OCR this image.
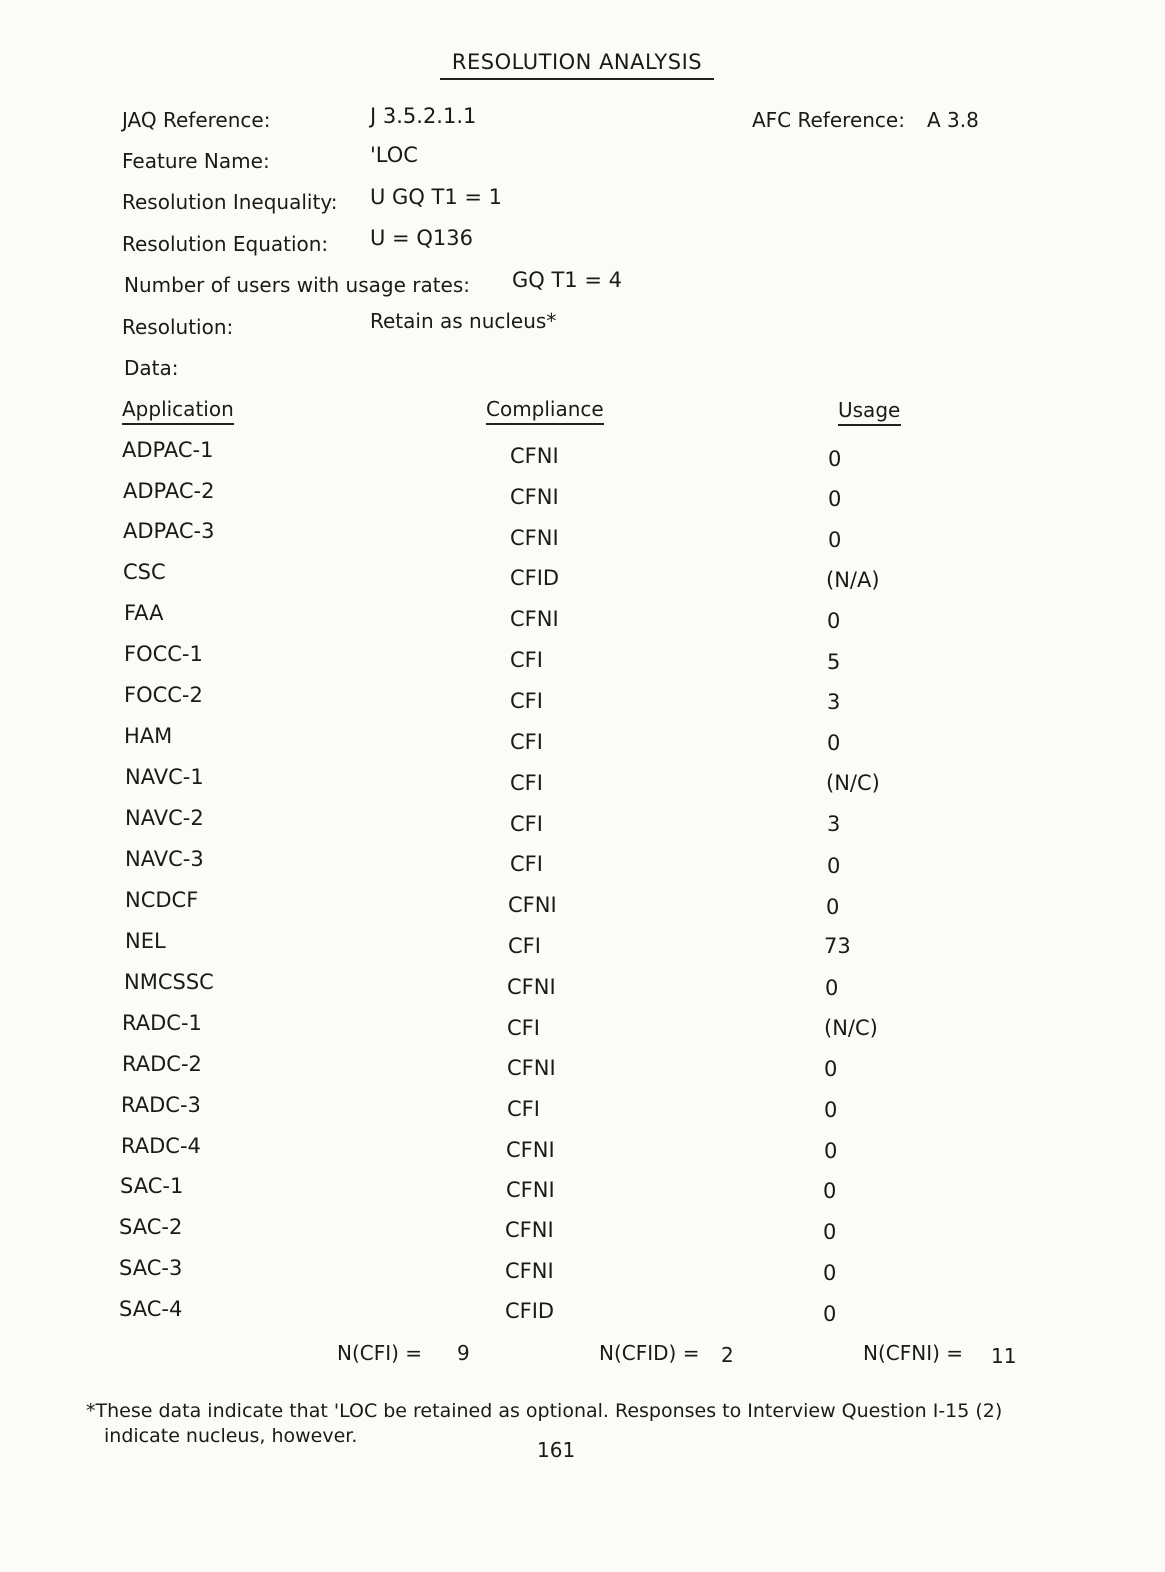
RESOLUTION ANALYSIS
JAQ Reference:	J 3.5.2.1.1	AFC Reference: A 3.8
Feature Name:	'LOC
Resolution Inequality: U GQ T1 = 1
Resolution Equation: U = Q136
Number of users with usage rates: GQ T1 = 4
Resolution:	Retain as nucleus*
Data:
Application	Compliance	Usage
ADPAC-1	CFNI	0
ADPAC-2	CFNI	0
ADPAC-3	CFNI	0
CSC	CFID	(N/A)
FAA	CFNI	0
FOCC-1	CFI	5
FOCC-2	CFI	3
HAM	CFI	0
NAVC-1	CFI	(N/C)
NAVC-2	CFI	3
NAVC-3	CFI	0
NCDCF	CFNI	0
NEL	CFI	73
NMCSSC	CFNI	0
RADC-1	CFI	(N/C)
RADC-2	CFNI	0
RADC-3	CFI	0
RADC-4	CFNI	0
SAC-1	CFNI	0
SAC-2	CFNI	0
SAC-3	CFNI	0
SAC-4	CFID	0
N(CFI) = 9	N(CFID) = 2	N(CFNI) = 11
*These data indicate that 'LOC be retained as optional. Responses to Interview Question I-15 (2)
indicate nucleus, however.
161
